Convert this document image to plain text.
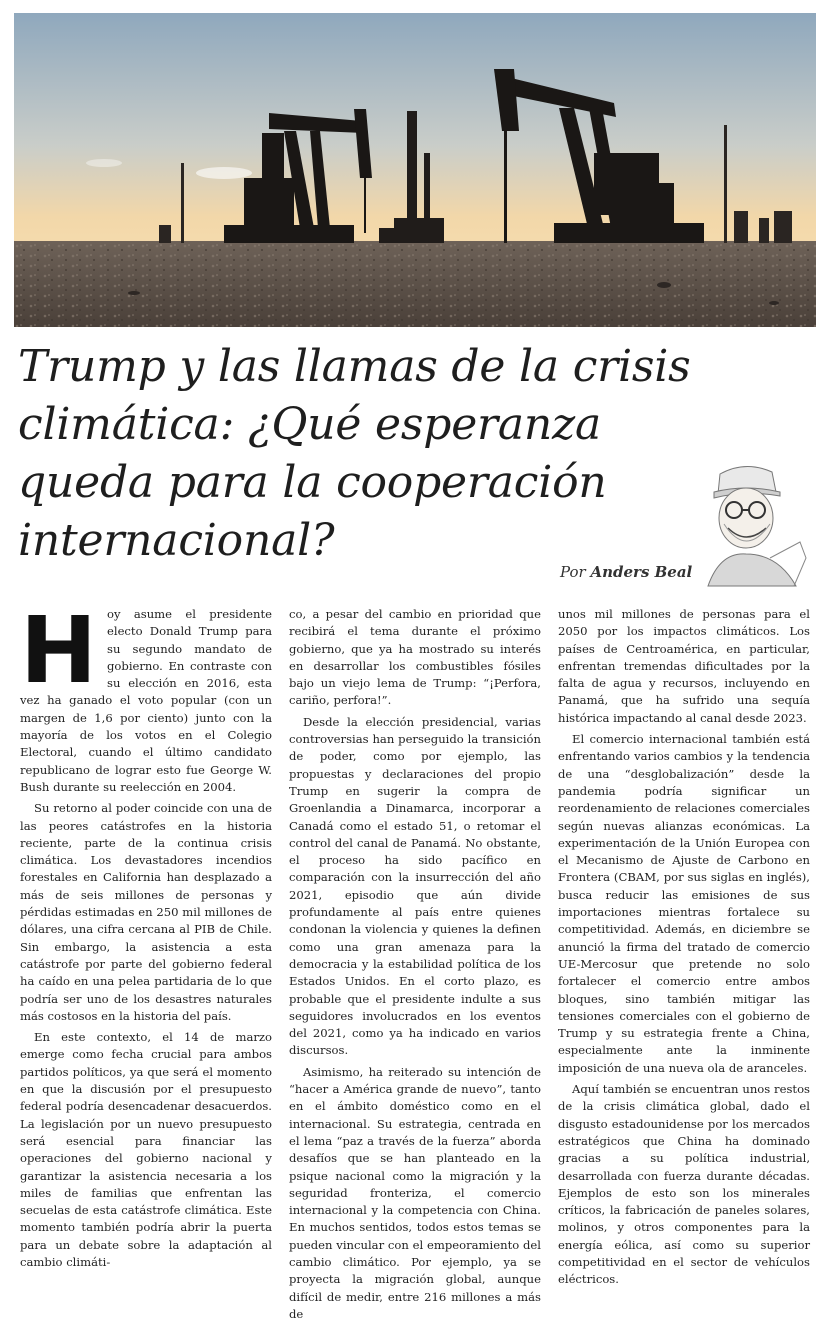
Trump y las llamas de la crisis climática: ¿Qué esperanza queda para la cooperación internacional?
Por Anders Beal

Hoy asume el presidente electo Donald Trump para su segundo mandato de gobierno. En contraste con su elección en 2016, esta vez ha ganado el voto popular (con un margen de 1,6 por ciento) junto con la mayoría de los votos en el Colegio Electoral, cuando el último candidato republicano de lograr esto fue George W. Bush durante su reelección en 2004.

Su retorno al poder coincide con una de las peores catástrofes en la historia reciente, parte de la continua crisis climática. Los devastadores incendios forestales en California han desplazado a más de seis millones de personas y pérdidas estimadas en 250 mil millones de dólares, una cifra cercana al PIB de Chile. Sin embargo, la asistencia a esta catástrofe por parte del gobierno federal ha caído en una pelea partidaria de lo que podría ser uno de los desastres naturales más costosos en la historia del país.

En este contexto, el 14 de marzo emerge como fecha crucial para ambos partidos políticos, ya que será el momento en que la discusión por el presupuesto federal podría desencadenar desacuerdos. La legislación por un nuevo presupuesto será esencial para financiar las operaciones del gobierno nacional y garantizar la asistencia necesaria a los miles de familias que enfrentan las secuelas de esta catástrofe climática. Este momento también podría abrir la puerta para un debate sobre la adaptación al cambio climáti-

co, a pesar del cambio en prioridad que recibirá el tema durante el próximo gobierno, que ya ha mostrado su interés en desarrollar los combustibles fósiles bajo un viejo lema de Trump: “¡Perfora, cariño, perfora!”.

Desde la elección presidencial, varias controversias han perseguido la transición de poder, como por ejemplo, las propuestas y declaraciones del propio Trump en sugerir la compra de Groenlandia a Dinamarca, incorporar a Canadá como el estado 51, o retomar el control del canal de Panamá. No obstante, el proceso ha sido pacífico en comparación con la insurrección del año 2021, episodio que aún divide profundamente al país entre quienes condonan la violencia y quienes la definen como una gran amenaza para la democracia y la estabilidad política de los Estados Unidos. En el corto plazo, es probable que el presidente indulte a sus seguidores involucrados en los eventos del 2021, como ya ha indicado en varios discursos.

Asimismo, ha reiterado su intención de “hacer a América grande de nuevo”, tanto en el ámbito doméstico como en el internacional. Su estrategia, centrada en el lema “paz a través de la fuerza” aborda desafíos que se han planteado en la psique nacional como la migración y la seguridad fronteriza, el comercio internacional y la competencia con China. En muchos sentidos, todos estos temas se pueden vincular con el empeoramiento del cambio climático. Por ejemplo, ya se proyecta la migración global, aunque difícil de medir, entre 216 millones a más de

unos mil millones de personas para el 2050 por los impactos climáticos. Los países de Centroamérica, en particular, enfrentan tremendas dificultades por la falta de agua y recursos, incluyendo en Panamá, que ha sufrido una sequía histórica impactando al canal desde 2023.

El comercio internacional también está enfrentando varios cambios y la tendencia de una “desglobalización” desde la pandemia podría significar un reordenamiento de relaciones comerciales según nuevas alianzas económicas. La experimentación de la Unión Europea con el Mecanismo de Ajuste de Carbono en Frontera (CBAM, por sus siglas en inglés), busca reducir las emisiones de sus importaciones mientras fortalece su competitividad. Además, en diciembre se anunció la firma del tratado de comercio UE-Mercosur que pretende no solo fortalecer el comercio entre ambos bloques, sino también mitigar las tensiones comerciales con el gobierno de Trump y su estrategia frente a China, especialmente ante la inminente imposición de una nueva ola de aranceles.

Aquí también se encuentran unos restos de la crisis climática global, dado el disgusto estadounidense por los mercados estratégicos que China ha dominado gracias a su política industrial, desarrollada con fuerza durante décadas. Ejemplos de esto son los minerales críticos, la fabricación de paneles solares, molinos, y otros componentes para la energía eólica, así como su superior competitividad en el sector de vehículos eléctricos.
